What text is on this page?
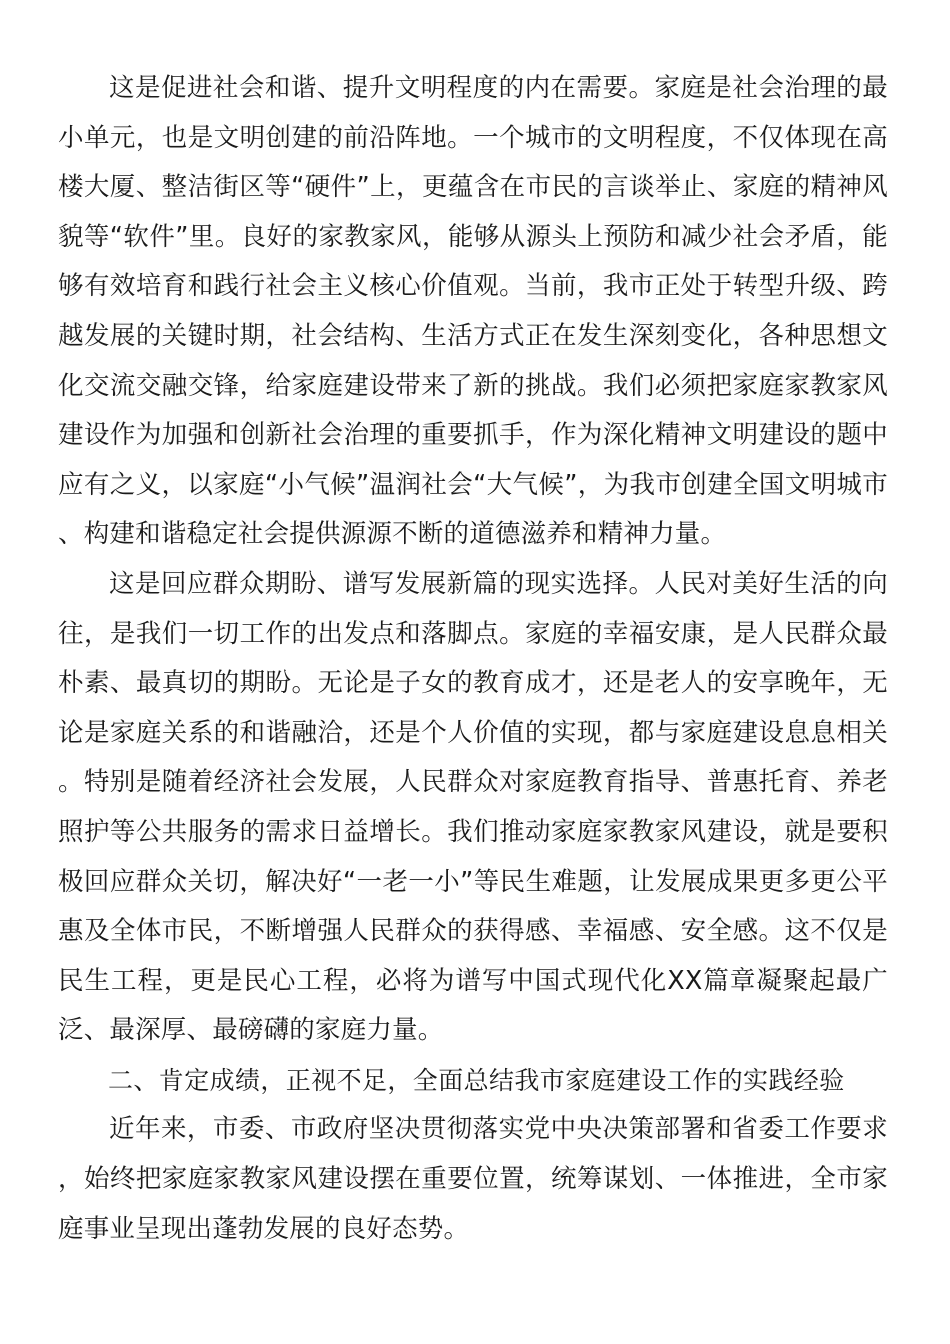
这是促进社会和谐、提升文明程度的内在需要。家庭是社会治理的最小单元，也是文明创建的前沿阵地。一个城市的文明程度，不仅体现在高楼大厦、整洁街区等“硬件”上，更蕴含在市民的言谈举止、家庭的精神风貌等“软件”里。良好的家教家风，能够从源头上预防和减少社会矛盾，能够有效培育和践行社会主义核心价值观。当前，我市正处于转型升级、跨越发展的关键时期，社会结构、生活方式正在发生深刻变化，各种思想文化交流交融交锋，给家庭建设带来了新的挑战。我们必须把家庭家教家风建设作为加强和创新社会治理的重要抓手，作为深化精神文明建设的题中应有之义，以家庭“小气候”温润社会“大气候”，为我市创建全国文明城市、构建和谐稳定社会提供源源不断的道德滋养和精神力量。

这是回应群众期盼、谱写发展新篇的现实选择。人民对美好生活的向往，是我们一切工作的出发点和落脚点。家庭的幸福安康，是人民群众最朴素、最真切的期盼。无论是子女的教育成才，还是老人的安享晚年，无论是家庭关系的和谐融洽，还是个人价值的实现，都与家庭建设息息相关。特别是随着经济社会发展，人民群众对家庭教育指导、普惠托育、养老照护等公共服务的需求日益增长。我们推动家庭家教家风建设，就是要积极回应群众关切，解决好“一老一小”等民生难题，让发展成果更多更公平惠及全体市民，不断增强人民群众的获得感、幸福感、安全感。这不仅是民生工程，更是民心工程，必将为谱写中国式现代化XX篇章凝聚起最广泛、最深厚、最磅礴的家庭力量。

二、肯定成绩，正视不足，全面总结我市家庭建设工作的实践经验

近年来，市委、市政府坚决贯彻落实党中央决策部署和省委工作要求，始终把家庭家教家风建设摆在重要位置，统筹谋划、一体推进，全市家庭事业呈现出蓬勃发展的良好态势。
